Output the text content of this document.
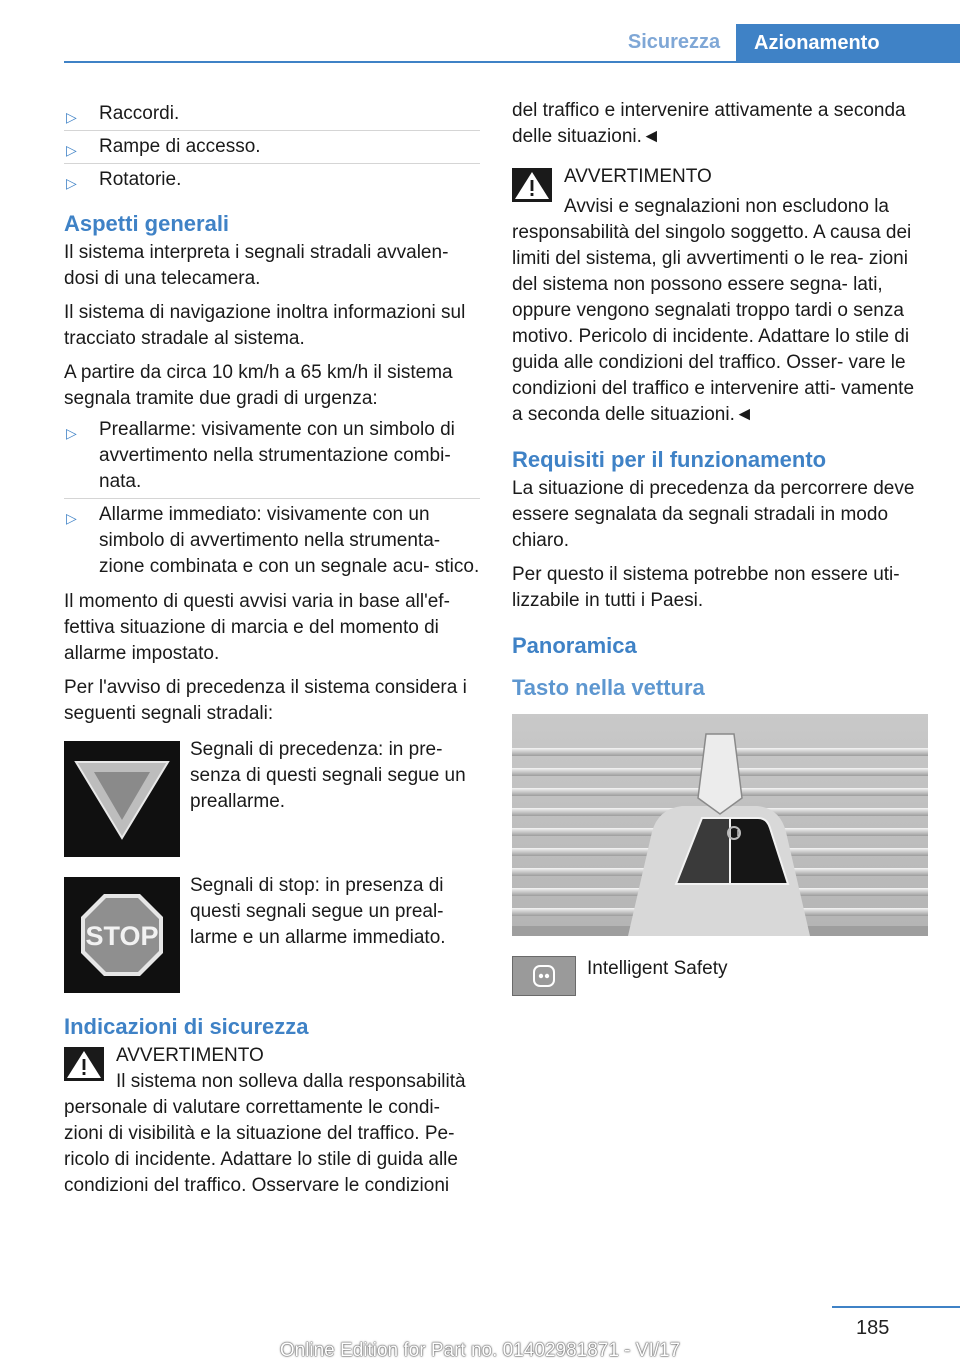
Sicurezza	Azionamento
▷ Raccordi.
▷ Rampe di accesso.
▷ Rotatorie.
Aspetti generali

Il sistema interpreta i segnali stradali avvalen‐ dosi di una telecamera.

Il sistema di navigazione inoltra informazioni sul tracciato stradale al sistema.

A partire da circa 10 km/h a 65 km/h il sistema segnala tramite due gradi di urgenza:

▷ Preallarme: visivamente con un simbolo di avvertimento nella strumentazione combi‐ nata.
▷ Allarme immediato: visivamente con un simbolo di avvertimento nella strumenta‐ zione combinata e con un segnale acu‐ stico.

Il momento di questi avvisi varia in base all'ef‐ fettiva situazione di marcia e del momento di allarme impostato.

Per l'avviso di precedenza il sistema considera i seguenti segnali stradali:

Segnali di precedenza: in pre‐ senza di questi segnali segue un preallarme.
STOP
Segnali di stop: in presenza di questi segnali segue un preal‐ larme e un allarme immediato.
Indicazioni di sicurezza
AVVERTIMENTO
Il sistema non solleva dalla responsabilità
personale di valutare correttamente le condi‐ zioni di visibilità e la situazione del traffico. Pe‐ ricolo di incidente. Adattare lo stile di guida alle condizioni del traffico. Osservare le condizioni

del traffico e intervenire attivamente a seconda delle situazioni.◄

AVVERTIMENTO
Avvisi e segnalazioni non escludono la
responsabilità del singolo soggetto. A causa dei limiti del sistema, gli avvertimenti o le rea‐ zioni del sistema non possono essere segna‐ lati, oppure vengono segnalati troppo tardi o senza motivo. Pericolo di incidente. Adattare lo stile di guida alle condizioni del traffico. Osser‐ vare le condizioni del traffico e intervenire atti‐ vamente a seconda delle situazioni.◄
Requisiti per il funzionamento

La situazione di precedenza da percorrere deve essere segnalata da segnali stradali in modo chiaro.

Per questo il sistema potrebbe non essere uti‐ lizzabile in tutti i Paesi.

Panoramica
Tasto nella vettura
Intelligent Safety
185
Online Edition for Part no. 01402981871 - VI/17
